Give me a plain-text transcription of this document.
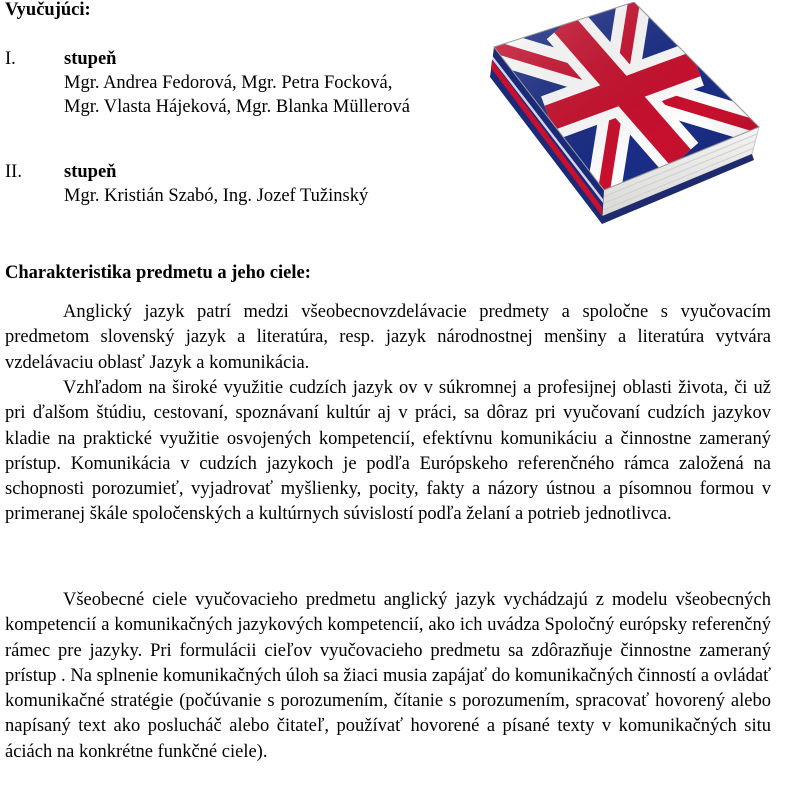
Vyučujúci:
I.	stupeň
Mgr. Andrea Fedorová, Mgr. Petra Focková,
Mgr. Vlasta Hájeková, Mgr. Blanka Müllerová
II. stupeň
Mgr. Kristián Szabó, Ing. Jozef Tužinský
Charakteristika predmetu a jeho ciele:

Anglický jazyk patrí medzi všeobecnovzdelávacie predmety a spoločne s vyučovacím predmetom slovenský jazyk a literatúra, resp. jazyk národnostnej menšiny a literatúra vytvára vzdelávaciu oblasť Jazyk a komunikácia.

Vzhľadom na široké využitie cudzích jazyk ov v súkromnej a profesijnej oblasti života, či už pri ďalšom štúdiu, cestovaní, spoznávaní kultúr aj v práci, sa dôraz pri vyučovaní cudzích jazykov kladie na praktické využitie osvojených kompetencií, efektívnu komunikáciu a činnostne zameraný prístup. Komunikácia v cudzích jazykoch je podľa Európskeho referenčného rámca založená na schopnosti porozumieť, vyjadrovať myšlienky, pocity, fakty a názory ústnou a písomnou formou v primeranej škále spoločenských a kultúrnych súvislostí podľa želaní a potrieb jednotlivca.

Všeobecné ciele vyučovacieho predmetu anglický jazyk vychádzajú z modelu všeobecných kompetencií a komunikačných jazykových kompetencií, ako ich uvádza Spoločný európsky referenčný rámec pre jazyky. Pri formulácii cieľov vyučovacieho predmetu sa zdôrazňuje činnostne zameraný prístup . Na splnenie komunikačných úloh sa žiaci musia zapájať do komunikačných činností a ovládať komunikačné stratégie (počúvanie s porozumením, čítanie s porozumením, spracovať hovorený alebo napísaný text ako poslucháč alebo čitateľ, používať hovorené a písané texty v komunikačných situ áciách na konkrétne funkčné ciele).
